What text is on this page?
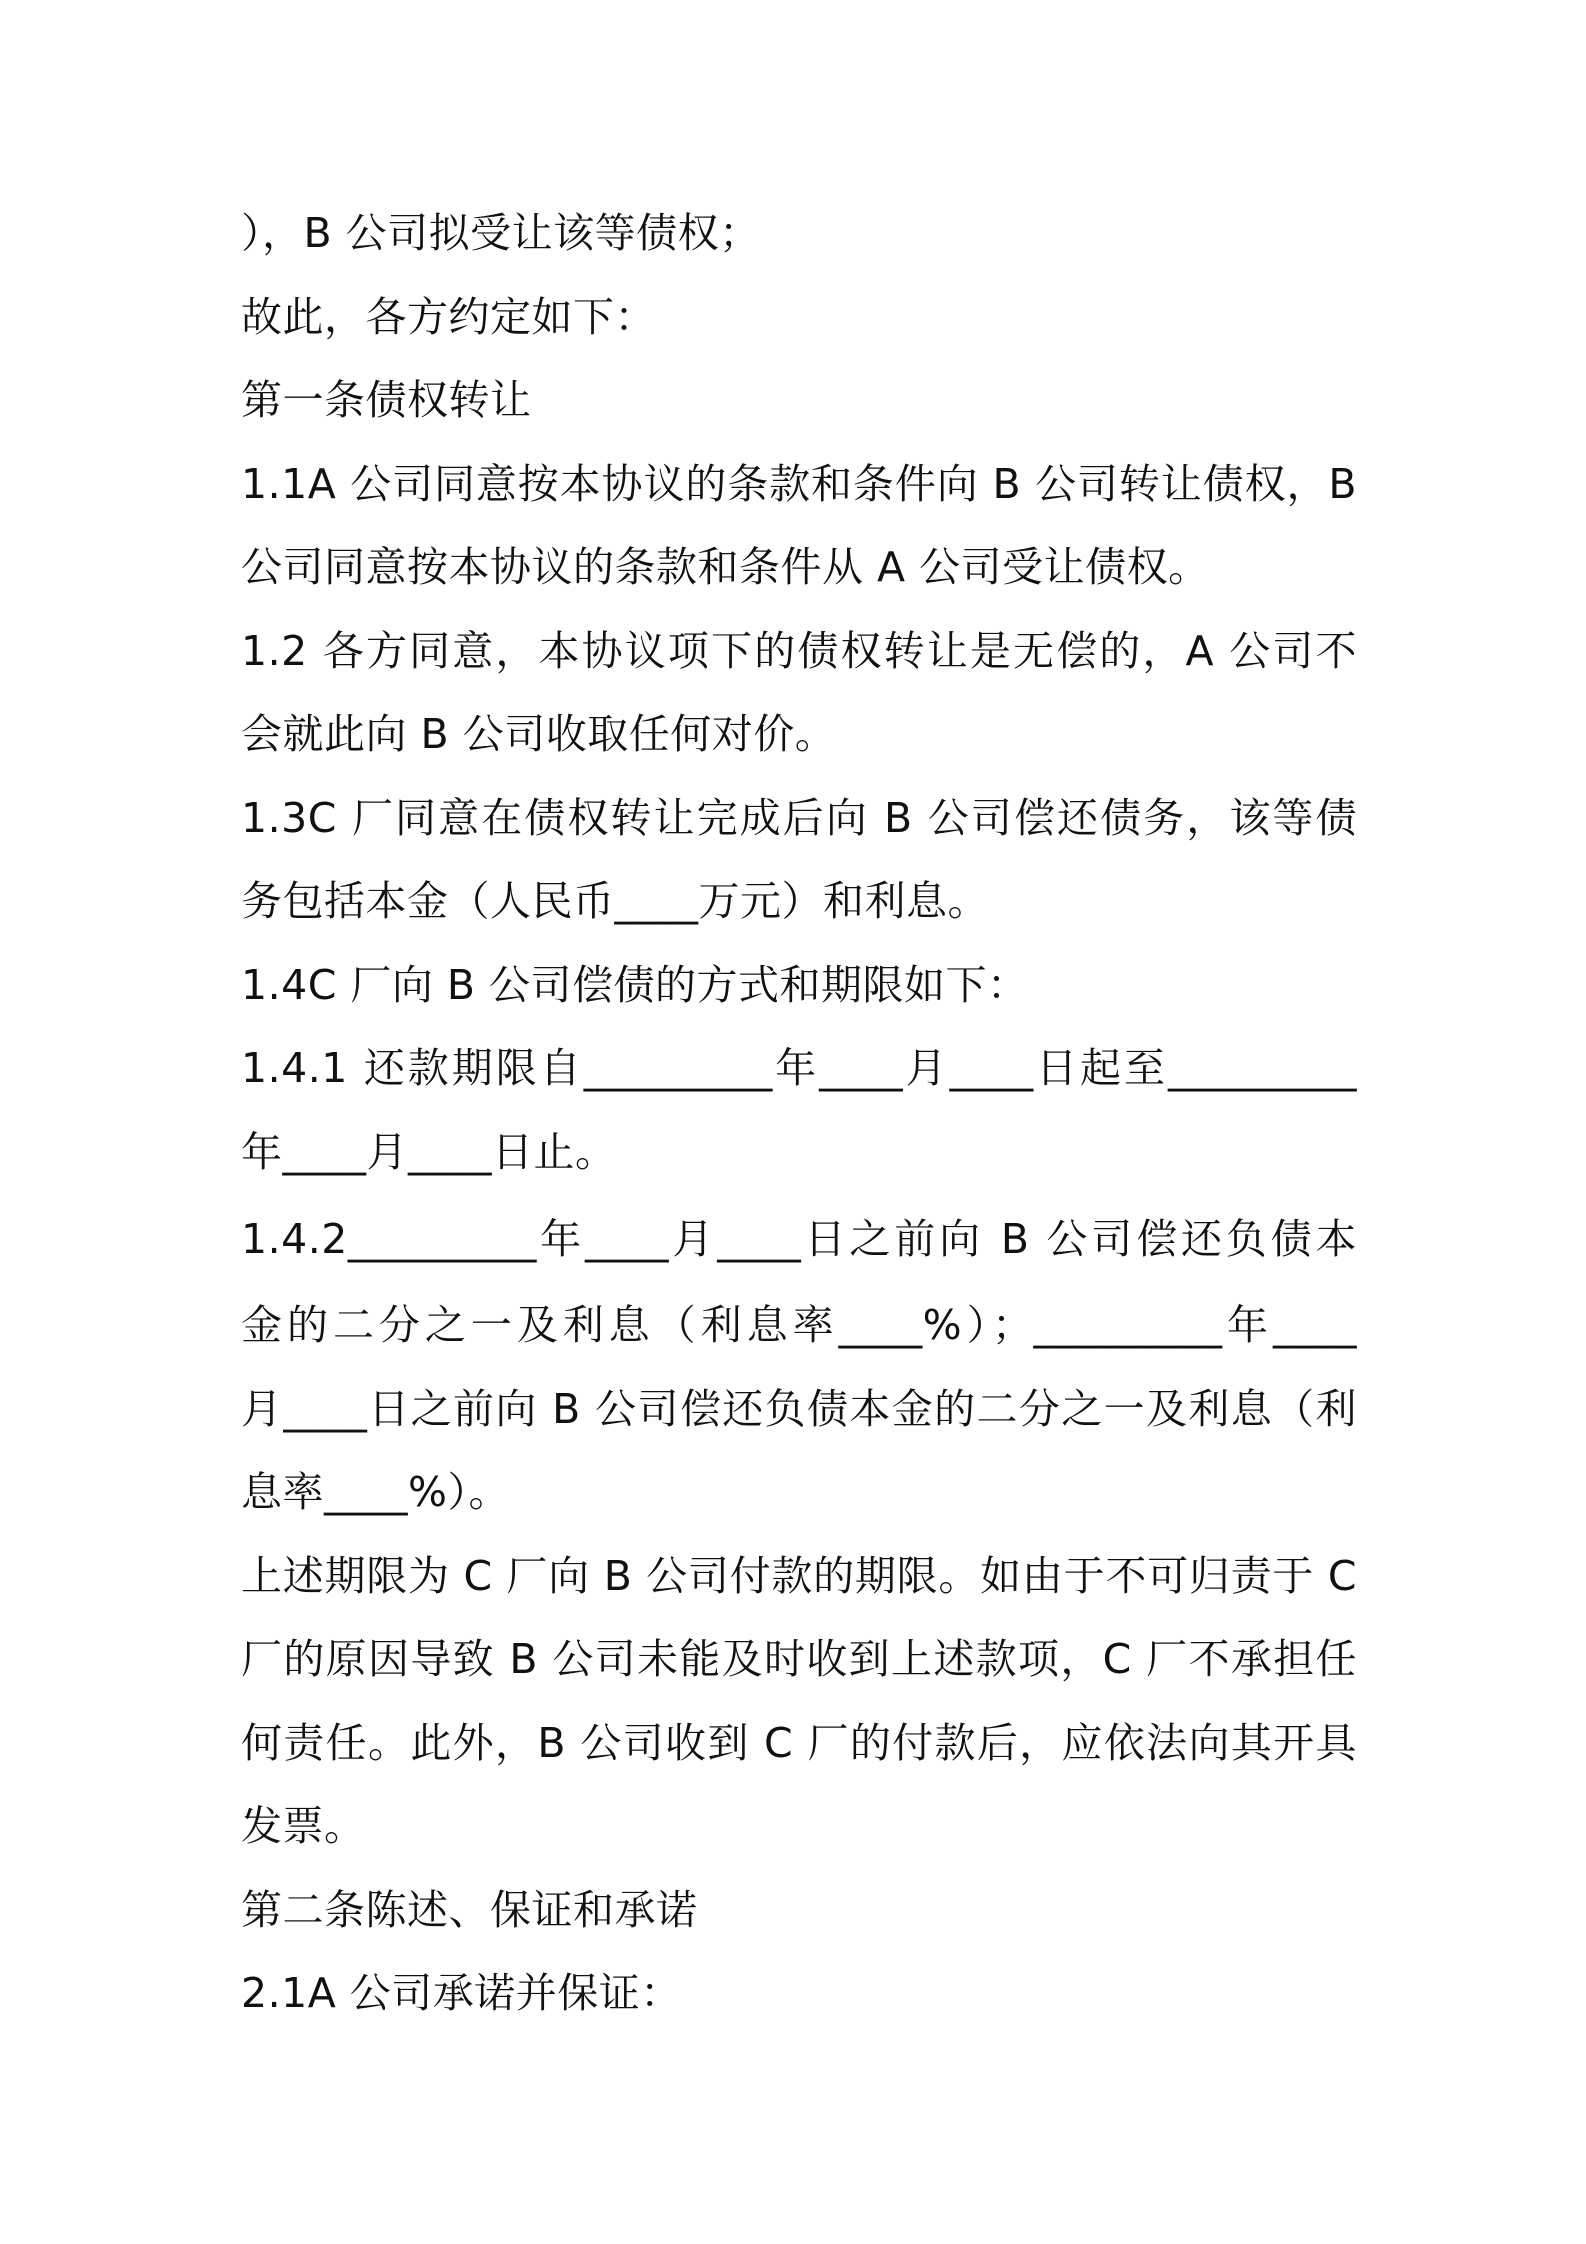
），B 公司拟受让该等债权；
故此，各方约定如下：
第一条债权转让
1.1A 公司同意按本协议的条款和条件向 B 公司转让债权，B
公司同意按本协议的条款和条件从 A 公司受让债权。
1.2 各方同意，本协议项下的债权转让是无偿的，A 公司不
会就此向 B 公司收取任何对价。
1.3C 厂同意在债权转让完成后向 B 公司偿还债务，该等债
务包括本金（人民币____万元）和利息。
1.4C 厂向 B 公司偿债的方式和期限如下：
1.4.1 还款期限自_________年____月____日起至_________
年____月____日止。
1.4.2_________年____月____日之前向 B 公司偿还负债本
金的二分之一及利息（利息率____%）；_________年____
月____日之前向 B 公司偿还负债本金的二分之一及利息（利
息率____%）。
上述期限为 C 厂向 B 公司付款的期限。如由于不可归责于 C
厂的原因导致 B 公司未能及时收到上述款项，C 厂不承担任
何责任。此外，B 公司收到 C 厂的付款后，应依法向其开具
发票。
第二条陈述、保证和承诺
2.1A 公司承诺并保证：
